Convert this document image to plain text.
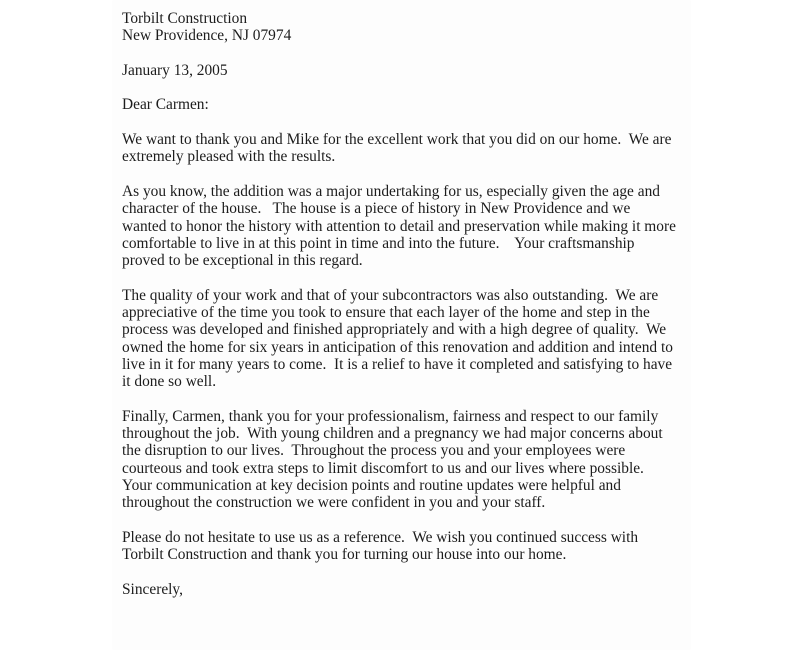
Torbilt Construction
New Providence, NJ 07974
January 13, 2005
Dear Carmen:
We want to thank you and Mike for the excellent work that you did on our home.  We are
extremely pleased with the results.
As you know, the addition was a major undertaking for us, especially given the age and
character of the house.   The house is a piece of history in New Providence and we
wanted to honor the history with attention to detail and preservation while making it more
comfortable to live in at this point in time and into the future.    Your craftsmanship
proved to be exceptional in this regard.
The quality of your work and that of your subcontractors was also outstanding.  We are
appreciative of the time you took to ensure that each layer of the home and step in the
process was developed and finished appropriately and with a high degree of quality.  We
owned the home for six years in anticipation of this renovation and addition and intend to
live in it for many years to come.  It is a relief to have it completed and satisfying to have
it done so well.
Finally, Carmen, thank you for your professionalism, fairness and respect to our family
throughout the job.  With young children and a pregnancy we had major concerns about
the disruption to our lives.  Throughout the process you and your employees were
courteous and took extra steps to limit discomfort to us and our lives where possible.
Your communication at key decision points and routine updates were helpful and
throughout the construction we were confident in you and your staff.
Please do not hesitate to use us as a reference.  We wish you continued success with
Torbilt Construction and thank you for turning our house into our home.
Sincerely,
